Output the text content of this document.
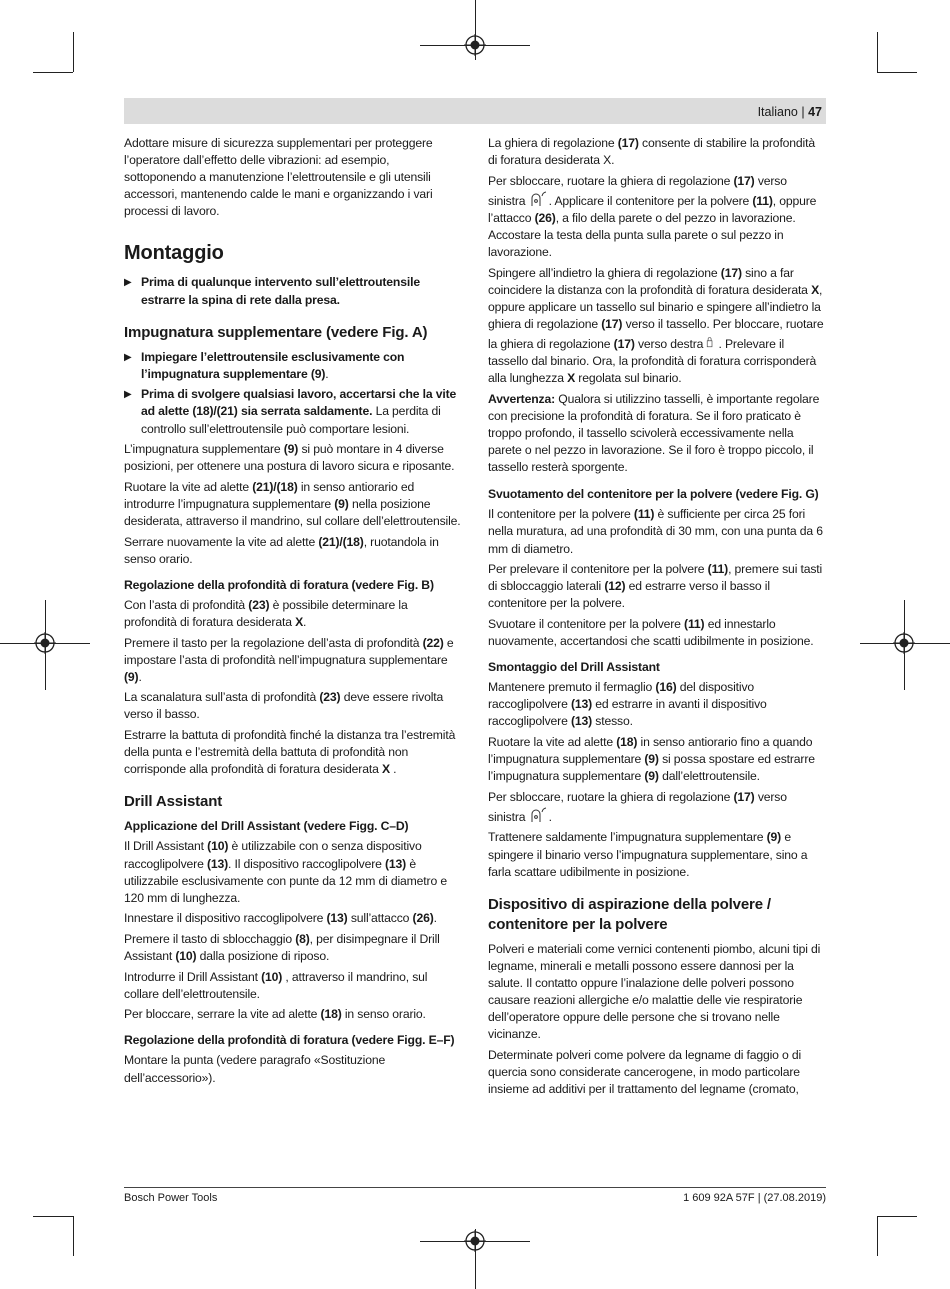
Italiano | 47

Adottare misure di sicurezza supplementari per proteggere l’operatore dall’effetto delle vibrazioni: ad esempio, sottoponendo a manutenzione l’elettroutensile e gli utensili accessori, mantenendo calde le mani e organizzando i vari processi di lavoro.

Montaggio
▶ Prima di qualunque intervento sull’elettroutensile estrarre la spina di rete dalla presa.
Impugnatura supplementare (vedere Fig. A)
▶ Impiegare l’elettroutensile esclusivamente con l’impugnatura supplementare (9).
▶ Prima di svolgere qualsiasi lavoro, accertarsi che la vite ad alette (18)/(21) sia serrata saldamente. La perdita di controllo sull’elettroutensile può comportare lesioni.

L’impugnatura supplementare (9) si può montare in 4 diverse posizioni, per ottenere una postura di lavoro sicura e riposante.

Ruotare la vite ad alette (21)/(18) in senso antiorario ed introdurre l’impugnatura supplementare (9) nella posizione desiderata, attraverso il mandrino, sul collare dell’elettroutensile.

Serrare nuovamente la vite ad alette (21)/(18), ruotandola in senso orario.

Regolazione della profondità di foratura (vedere Fig. B)

Con l’asta di profondità (23) è possibile determinare la profondità di foratura desiderata X.

Premere il tasto per la regolazione dell’asta di profondità (22) e impostare l’asta di profondità nell’impugnatura supplementare (9).

La scanalatura sull’asta di profondità (23) deve essere rivolta verso il basso.

Estrarre la battuta di profondità finché la distanza tra l’estremità della punta e l’estremità della battuta di profondità non corrisponde alla profondità di foratura desiderata X .

Drill Assistant
Applicazione del Drill Assistant (vedere Figg. C–D)

Il Drill Assistant (10) è utilizzabile con o senza dispositivo raccoglipolvere (13). Il dispositivo raccoglipolvere (13) è utilizzabile esclusivamente con punte da 12 mm di diametro e 120 mm di lunghezza.

Innestare il dispositivo raccoglipolvere (13) sull’attacco (26).

Premere il tasto di sblocchaggio (8), per disimpegnare il Drill Assistant (10) dalla posizione di riposo.

Introdurre il Drill Assistant (10) , attraverso il mandrino, sul collare dell’elettroutensile.

Per bloccare, serrare la vite ad alette (18) in senso orario.

Regolazione della profondità di foratura (vedere Figg. E–F)

Montare la punta (vedere paragrafo «Sostituzione dell’accessorio»).

La ghiera di regolazione (17) consente di stabilire la profondità di foratura desiderata X.

Per sbloccare, ruotare la ghiera di regolazione (17) verso sinistra . Applicare il contenitore per la polvere (11), oppure l’attacco (26), a filo della parete o del pezzo in lavorazione. Accostare la testa della punta sulla parete o sul pezzo in lavorazione.

Spingere all’indietro la ghiera di regolazione (17) sino a far coincidere la distanza con la profondità di foratura desiderata X, oppure applicare un tassello sul binario e spingere all’indietro la ghiera di regolazione (17) verso il tassello. Per bloccare, ruotare la ghiera di regolazione (17) verso destra . Prelevare il tassello dal binario. Ora, la profondità di foratura corrisponderà alla lunghezza X regolata sul binario.

Avvertenza: Qualora si utilizzino tasselli, è importante regolare con precisione la profondità di foratura. Se il foro praticato è troppo profondo, il tassello scivolerà eccessivamente nella parete o nel pezzo in lavorazione. Se il foro è troppo piccolo, il tassello resterà sporgente.

Svuotamento del contenitore per la polvere (vedere Fig. G)

Il contenitore per la polvere (11) è sufficiente per circa 25 fori nella muratura, ad una profondità di 30 mm, con una punta da 6 mm di diametro.

Per prelevare il contenitore per la polvere (11), premere sui tasti di sbloccaggio laterali (12) ed estrarre verso il basso il contenitore per la polvere.

Svuotare il contenitore per la polvere (11) ed innestarlo nuovamente, accertandosi che scatti udibilmente in posizione.

Smontaggio del Drill Assistant

Mantenere premuto il fermaglio (16) del dispositivo raccoglipolvere (13) ed estrarre in avanti il dispositivo raccoglipolvere (13) stesso.

Ruotare la vite ad alette (18) in senso antiorario fino a quando l’impugnatura supplementare (9) si possa spostare ed estrarre l’impugnatura supplementare (9) dall’elettroutensile.

Per sbloccare, ruotare la ghiera di regolazione (17) verso sinistra .

Trattenere saldamente l’impugnatura supplementare (9) e spingere il binario verso l’impugnatura supplementare, sino a farla scattare udibilmente in posizione.

Dispositivo di aspirazione della polvere / contenitore per la polvere

Polveri e materiali come vernici contenenti piombo, alcuni tipi di legname, minerali e metalli possono essere dannosi per la salute. Il contatto oppure l’inalazione delle polveri possono causare reazioni allergiche e/o malattie delle vie respiratorie dell’operatore oppure delle persone che si trovano nelle vicinanze.

Determinate polveri come polvere da legname di faggio o di quercia sono considerate cancerogene, in modo particolare insieme ad additivi per il trattamento del legname (cromato,

Bosch Power Tools	1 609 92A 57F | (27.08.2019)
